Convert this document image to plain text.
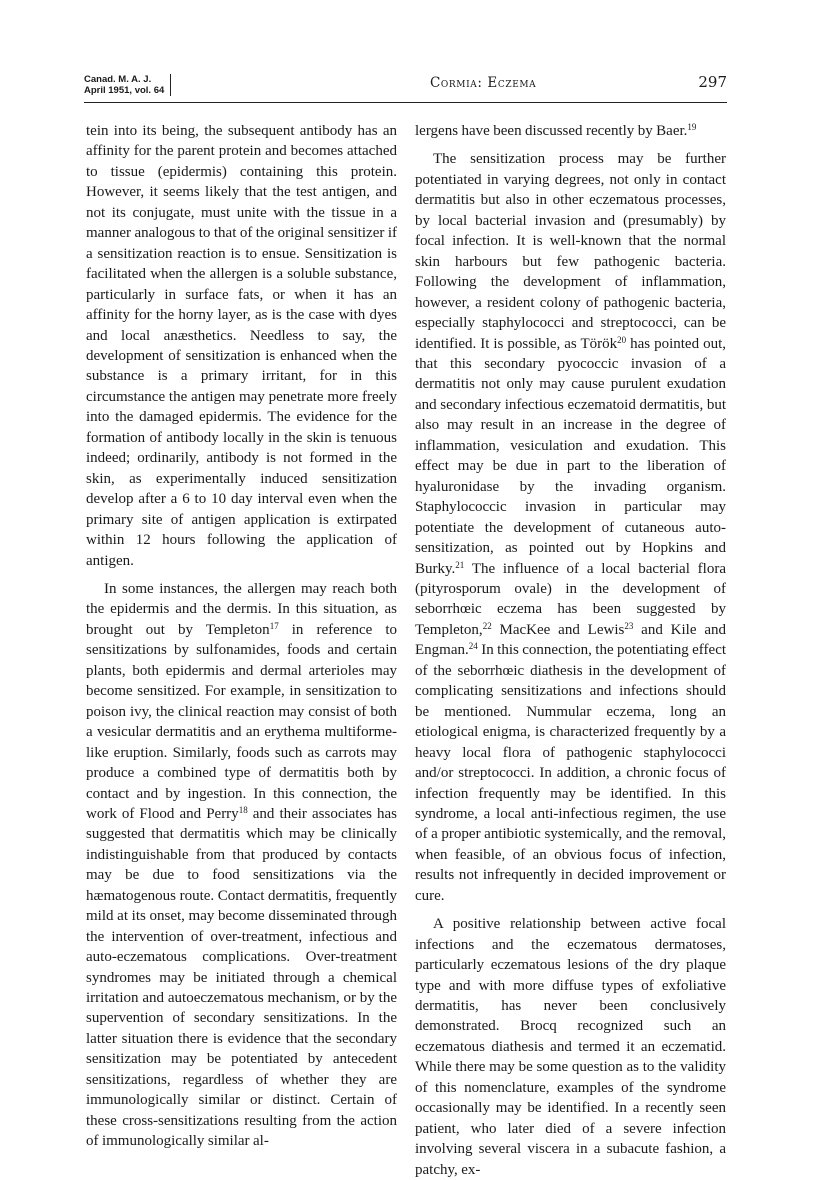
Canad. M. A. J.
April 1951, vol. 64	Cormia: Eczema	297

tein into its being, the subsequent antibody has an affinity for the parent protein and becomes attached to tissue (epidermis) containing this protein. However, it seems likely that the test antigen, and not its conjugate, must unite with the tissue in a manner analogous to that of the original sensitizer if a sensitization reaction is to ensue. Sensitization is facilitated when the allergen is a soluble substance, particularly in surface fats, or when it has an affinity for the horny layer, as is the case with dyes and local anæsthetics. Needless to say, the development of sensitization is enhanced when the substance is a primary irritant, for in this circumstance the antigen may penetrate more freely into the damaged epidermis. The evidence for the formation of antibody locally in the skin is tenuous indeed; ordinarily, antibody is not formed in the skin, as experimentally induced sensitization develop after a 6 to 10 day interval even when the primary site of antigen application is extirpated within 12 hours following the application of antigen.

In some instances, the allergen may reach both the epidermis and the dermis. In this situation, as brought out by Templeton$^{17}$ in reference to sensitizations by sulfonamides, foods and certain plants, both epidermis and dermal arterioles may become sensitized. For example, in sensitization to poison ivy, the clinical reaction may consist of both a vesicular dermatitis and an erythema multiforme-like eruption. Similarly, foods such as carrots may produce a combined type of dermatitis both by contact and by ingestion. In this connection, the work of Flood and Perry$^{18}$ and their associates has suggested that dermatitis which may be clinically indistinguishable from that produced by contacts may be due to food sensitizations via the hæmatogenous route. Contact dermatitis, frequently mild at its onset, may become disseminated through the intervention of over-treatment, infectious and auto-eczematous complications. Over-treatment syndromes may be initiated through a chemical irritation and autoeczematous mechanism, or by the supervention of secondary sensitizations. In the latter situation there is evidence that the secondary sensitization may be potentiated by antecedent sensitizations, regardless of whether they are immunologically similar or distinct. Certain of these cross-sensitizations resulting from the action of immunologically similar al-

lergens have been discussed recently by Baer.$^{19}$

The sensitization process may be further potentiated in varying degrees, not only in contact dermatitis but also in other eczematous processes, by local bacterial invasion and (presumably) by focal infection. It is well-known that the normal skin harbours but few pathogenic bacteria. Following the development of inflammation, however, a resident colony of pathogenic bacteria, especially staphylococci and streptococci, can be identified. It is possible, as Török$^{20}$ has pointed out, that this secondary pyococcic invasion of a dermatitis not only may cause purulent exudation and secondary infectious eczematoid dermatitis, but also may result in an increase in the degree of inflammation, vesiculation and exudation. This effect may be due in part to the liberation of hyaluronidase by the invading organism. Staphylococcic invasion in particular may potentiate the development of cutaneous auto-sensitization, as pointed out by Hopkins and Burky.$^{21}$ The influence of a local bacterial flora (pityrosporum ovale) in the development of seborrhœic eczema has been suggested by Templeton,$^{22}$ MacKee and Lewis$^{23}$ and Kile and Engman.$^{24}$ In this connection, the potentiating effect of the seborrhœic diathesis in the development of complicating sensitizations and infections should be mentioned. Nummular eczema, long an etiological enigma, is characterized frequently by a heavy local flora of pathogenic staphylococci and/or streptococci. In addition, a chronic focus of infection frequently may be identified. In this syndrome, a local anti-infectious regimen, the use of a proper antibiotic systemically, and the removal, when feasible, of an obvious focus of infection, results not infrequently in decided improvement or cure.

A positive relationship between active focal infections and the eczematous dermatoses, particularly eczematous lesions of the dry plaque type and with more diffuse types of exfoliative dermatitis, has never been conclusively demonstrated. Brocq recognized such an eczematous diathesis and termed it an eczematid. While there may be some question as to the validity of this nomenclature, examples of the syndrome occasionally may be identified. In a recently seen patient, who later died of a severe infection involving several viscera in a subacute fashion, a patchy, ex-
